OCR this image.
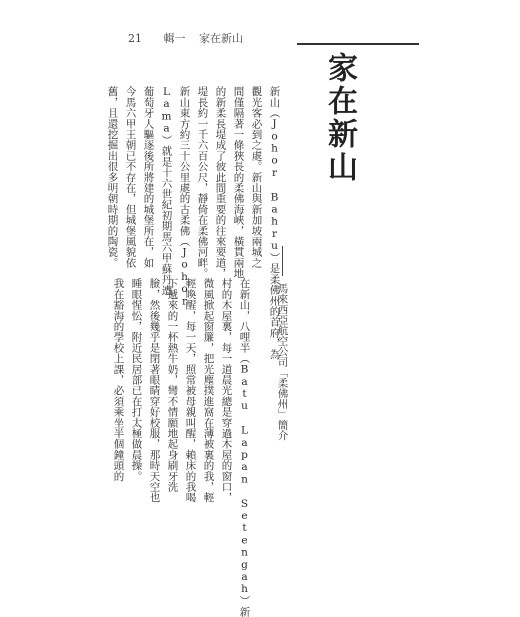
21 輯一 家在新山
家在新山
新山（Johor Bahru）是柔佛州的首府，為
觀光客必到之處。新山與新加坡兩城之
間僅隔著一條狹長的柔佛海峽，橫貫兩地
的新柔長堤成了彼此間重要的往來要道，
堤長約一千六百公尺，靜倚在柔佛河畔。
新山東方約三十公里處的古柔佛（Johor
Lama）就是十六世紀初期馬六甲蘇丹遭
葡萄牙人驅逐後所將建的城堡所在，如
今馬六甲王朝已不存在，但城堡風貌依
舊，且還挖掘出很多明朝時期的陶瓷。
馬來西亞航空公司「柔佛州」簡介
在新山，八哩半（Batu Lapan Setengah）新
村的木屋裏，每一道晨光總是穿過木屋的窗口，
微風掀起窗簾，把光塵撲進窩在薄被裏的我，輕
輕喚醒，每一天，照常被母親叫醒，賴床的我喝
下遞來的一杯熱牛奶，彎不情願地起身刷牙洗
臉，然後幾乎是閉著眼睛穿好校服，那時天空也
睡眼惺忪，附近民居部已在打太極做晨操。
我在豁海的學校上課，必須乘坐半個鐘頭的
